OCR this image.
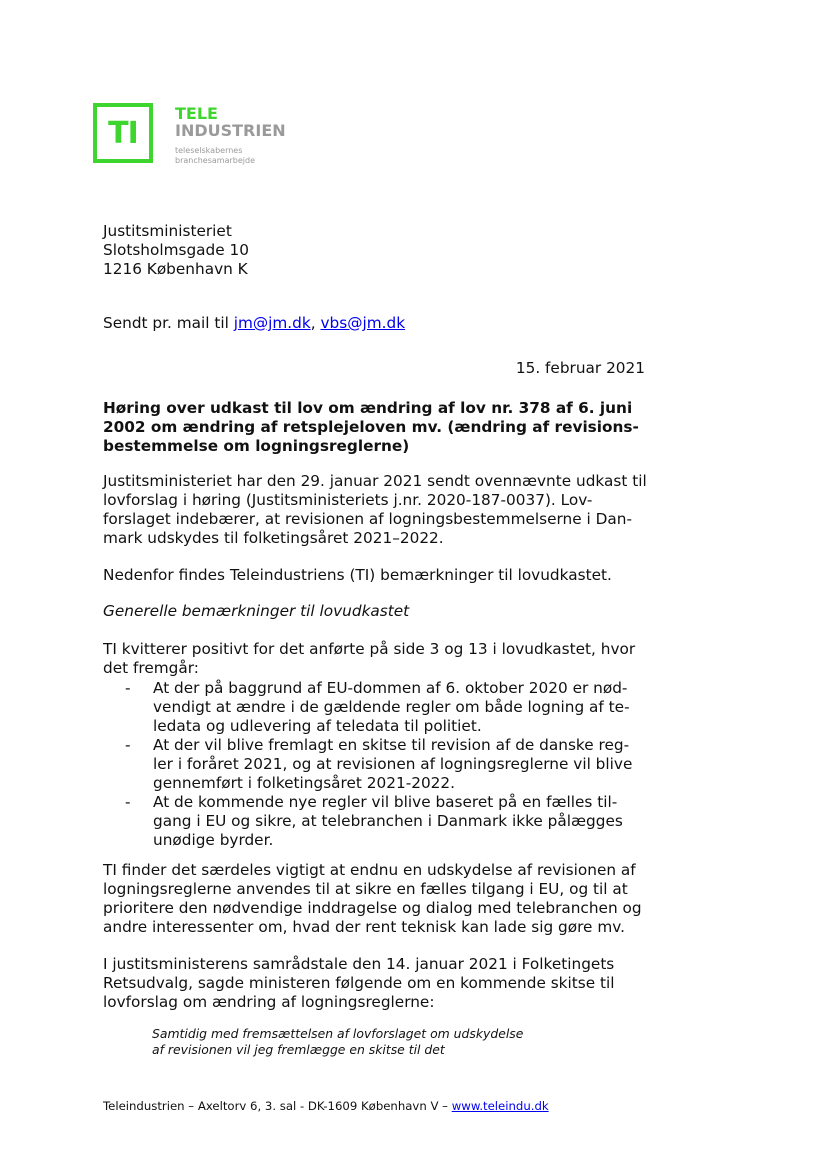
TI
TELE
INDUSTRIEN
teleselskabernes
branchesamarbejde
Justitsministeriet
Slotsholmsgade 10
1216 København K
Sendt pr. mail til jm@jm.dk, vbs@jm.dk
15. februar 2021

Høring over udkast til lov om ændring af lov nr. 378 af 6. juni 2002 om ændring af retsplejeloven mv. (ændring af revisions-bestemmelse om logningsreglerne)

Justitsministeriet har den 29. januar 2021 sendt ovennævnte udkast til lovforslag i høring (Justitsministeriets j.nr. 2020-187-0037). Lov-forslaget indebærer, at revisionen af logningsbestemmelserne i Dan-mark udskydes til folketingsåret 2021–2022.

Nedenfor findes Teleindustriens (TI) bemærkninger til lovudkastet.

Generelle bemærkninger til lovudkastet

TI kvitterer positivt for det anførte på side 3 og 13 i lovudkastet, hvor det fremgår:

- At der på baggrund af EU-dommen af 6. oktober 2020 er nød-vendigt at ændre i de gældende regler om både logning af te-ledata og udlevering af teledata til politiet.
- At der vil blive fremlagt en skitse til revision af de danske reg-ler i foråret 2021, og at revisionen af logningsreglerne vil blive gennemført i folketingsåret 2021-2022.
- At de kommende nye regler vil blive baseret på en fælles til-gang i EU og sikre, at telebranchen i Danmark ikke pålægges unødige byrder.

TI finder det særdeles vigtigt at endnu en udskydelse af revisionen af logningsreglerne anvendes til at sikre en fælles tilgang i EU, og til at prioritere den nødvendige inddragelse og dialog med telebranchen og andre interessenter om, hvad der rent teknisk kan lade sig gøre mv.

I justitsministerens samrådstale den 14. januar 2021 i Folketingets Retsudvalg, sagde ministeren følgende om en kommende skitse til lovforslag om ændring af logningsreglerne:

Samtidig med fremsættelsen af lovforslaget om udskydelse
af revisionen vil jeg fremlægge en skitse til det
Teleindustrien – Axeltorv 6, 3. sal - DK-1609 København V – www.teleindu.dk
